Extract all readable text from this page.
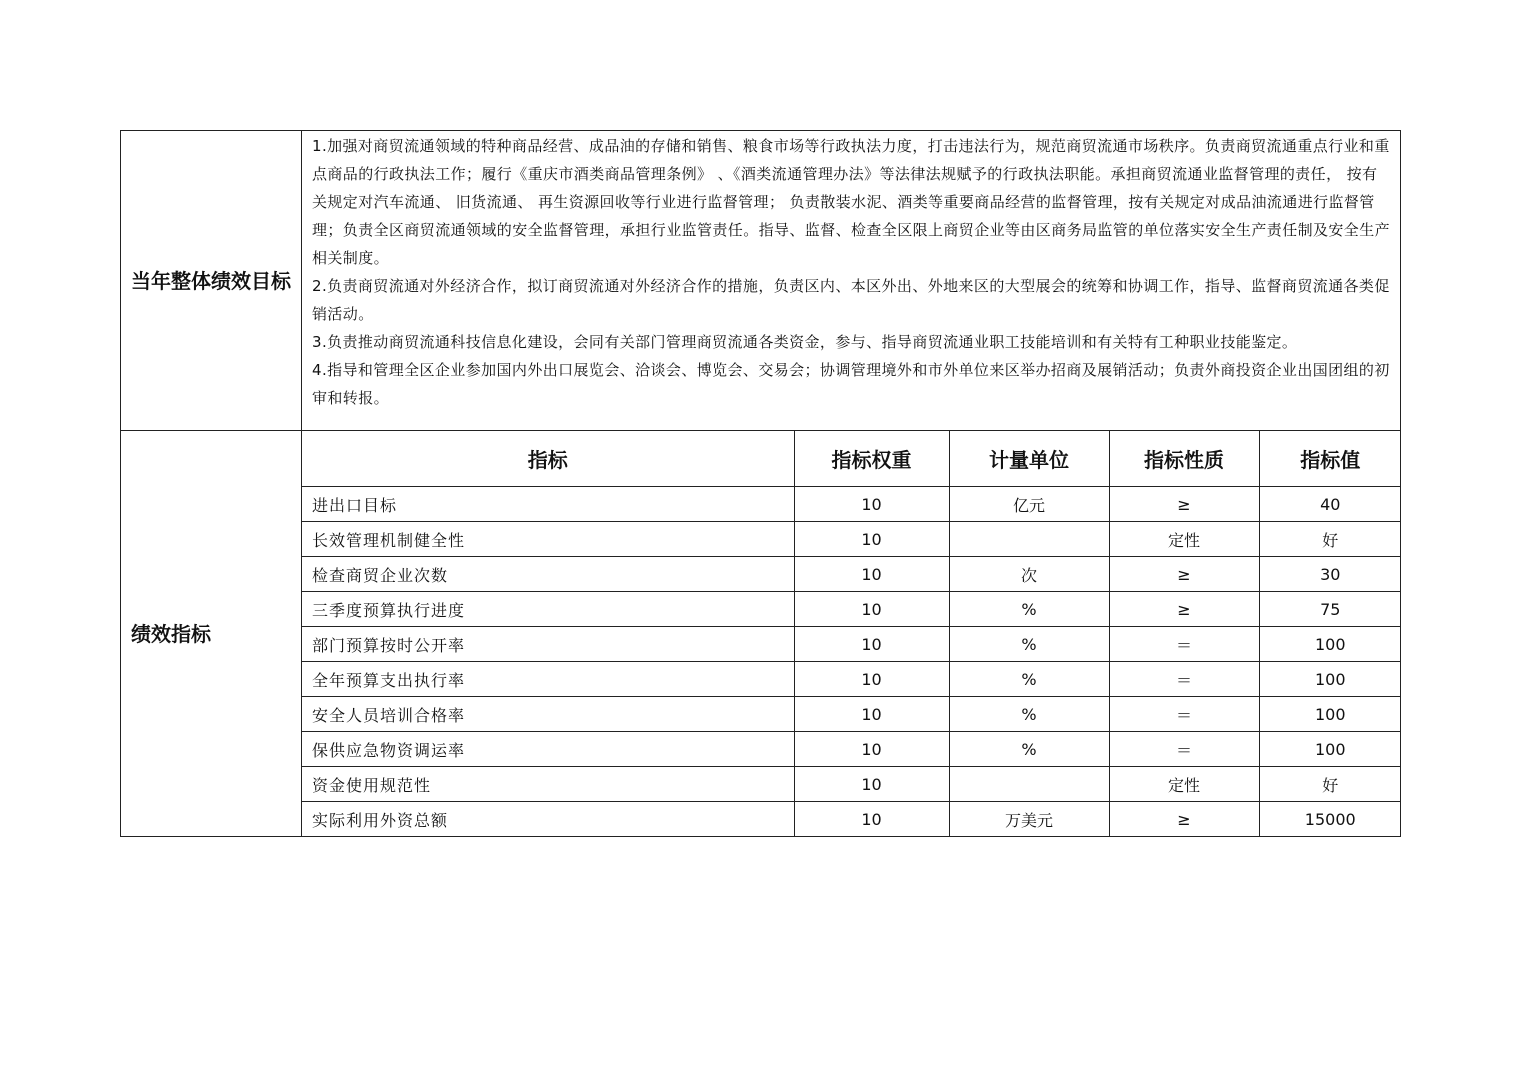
当年整体绩效目标	

1.加强对商贸流通领域的特种商品经营、成品油的存储和销售、粮食市场等行政执法力度，打击违法行为，规范商贸流通市场秩序。负责商贸流通重点行业和重点商品的行政执法工作；履行《重庆市酒类商品管理条例》 、《酒类流通管理办法》等法律法规赋予的行政执法职能。承担商贸流通业监督管理的责任， 按有关规定对汽车流通、 旧货流通、 再生资源回收等行业进行监督管理； 负责散装水泥、酒类等重要商品经营的监督管理，按有关规定对成品油流通进行监督管理；负责全区商贸流通领域的安全监督管理，承担行业监管责任。指导、监督、检查全区限上商贸企业等由区商务局监管的单位落实安全生产责任制及安全生产相关制度。

2.负责商贸流通对外经济合作，拟订商贸流通对外经济合作的措施，负责区内、本区外出、外地来区的大型展会的统筹和协调工作，指导、监督商贸流通各类促销活动。

3.负责推动商贸流通科技信息化建设，会同有关部门管理商贸流通各类资金，参与、指导商贸流通业职工技能培训和有关特有工种职业技能鉴定。

4.指导和管理全区企业参加国内外出口展览会、洽谈会、博览会、交易会；协调管理境外和市外单位来区举办招商及展销活动；负责外商投资企业出国团组的初审和转报。

绩效指标	
指标	指标权重	计量单位	指标性质	指标值
进出口目标	10	亿元	≥	40
长效管理机制健全性	10		定性	好
检查商贸企业次数	10	次	≥	30
三季度预算执行进度	10	%	≥	75
部门预算按时公开率	10	%	＝	100
全年预算支出执行率	10	%	＝	100
安全人员培训合格率	10	%	＝	100
保供应急物资调运率	10	%	＝	100
资金使用规范性	10		定性	好
实际利用外资总额	10	万美元	≥	15000
